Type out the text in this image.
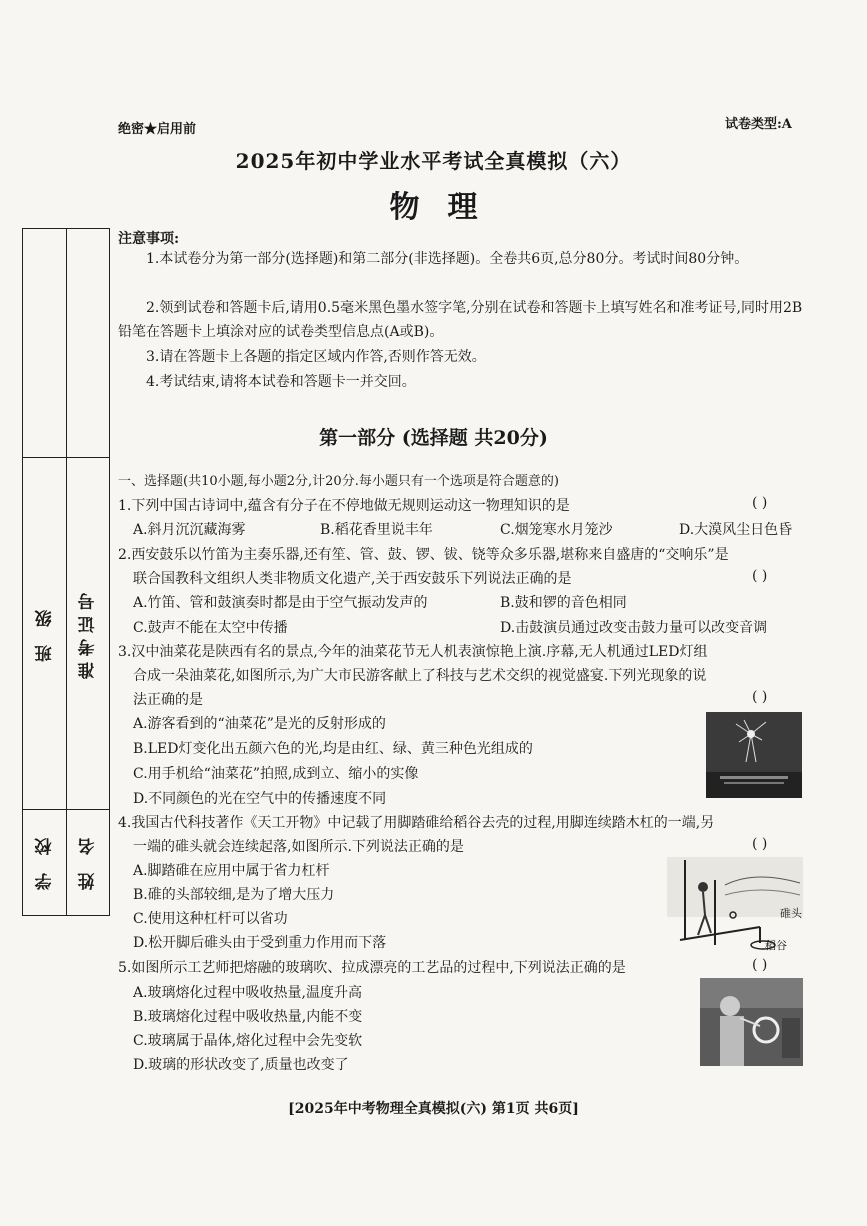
绝密★启用前	试卷类型:A
2025年初中学业水平考试全真模拟（六）
物理
班 级	准考证号
学 校	姓 名
注意事项:
1.本试卷分为第一部分(选择题)和第二部分(非选择题)。全卷共6页,总分80分。考试时间80分钟。
2.领到试卷和答题卡后,请用0.5毫米黑色墨水签字笔,分别在试卷和答题卡上填写姓名和准考证号,同时用2B铅笔在答题卡上填涂对应的试卷类型信息点(A或B)。
3.请在答题卡上各题的指定区域内作答,否则作答无效。
4.考试结束,请将本试卷和答题卡一并交回。
第一部分 (选择题 共20分)
一、选择题(共10小题,每小题2分,计20分.每小题只有一个选项是符合题意的)
1.下列中国古诗词中,蕴含有分子在不停地做无规则运动这一物理知识的是	( )
A.斜月沉沉藏海雾	B.稻花香里说丰年	C.烟笼寒水月笼沙	D.大漠风尘日色昏
2.西安鼓乐以竹笛为主奏乐器,还有笙、管、鼓、锣、钹、铙等众多乐器,堪称来自盛唐的“交响乐”是
联合国教科文组织人类非物质文化遗产,关于西安鼓乐下列说法正确的是	( )
A.竹笛、管和鼓演奏时都是由于空气振动发声的	B.鼓和锣的音色相同
C.鼓声不能在太空中传播	D.击鼓演员通过改变击鼓力量可以改变音调
3.汉中油菜花是陕西有名的景点,今年的油菜花节无人机表演惊艳上演.序幕,无人机通过LED灯组
合成一朵油菜花,如图所示,为广大市民游客献上了科技与艺术交织的视觉盛宴.下列光现象的说
法正确的是	( )
A.游客看到的“油菜花”是光的反射形成的
B.LED灯变化出五颜六色的光,均是由红、绿、黄三种色光组成的
C.用手机给“油菜花”拍照,成到立、缩小的实像
D.不同颜色的光在空气中的传播速度不同
4.我国古代科技著作《天工开物》中记载了用脚踏碓给稻谷去壳的过程,用脚连续踏木杠的一端,另
一端的碓头就会连续起落,如图所示.下列说法正确的是	( )
A.脚踏碓在应用中属于省力杠杆
B.碓的头部较细,是为了增大压力
C.使用这种杠杆可以省功
D.松开脚后碓头由于受到重力作用而下落
碓头
稻谷
5.如图所示工艺师把熔融的玻璃吹、拉成漂亮的工艺品的过程中,下列说法正确的是	( )
A.玻璃熔化过程中吸收热量,温度升高
B.玻璃熔化过程中吸收热量,内能不变
C.玻璃属于晶体,熔化过程中会先变软
D.玻璃的形状改变了,质量也改变了
[2025年中考物理全真模拟(六) 第1页 共6页]
